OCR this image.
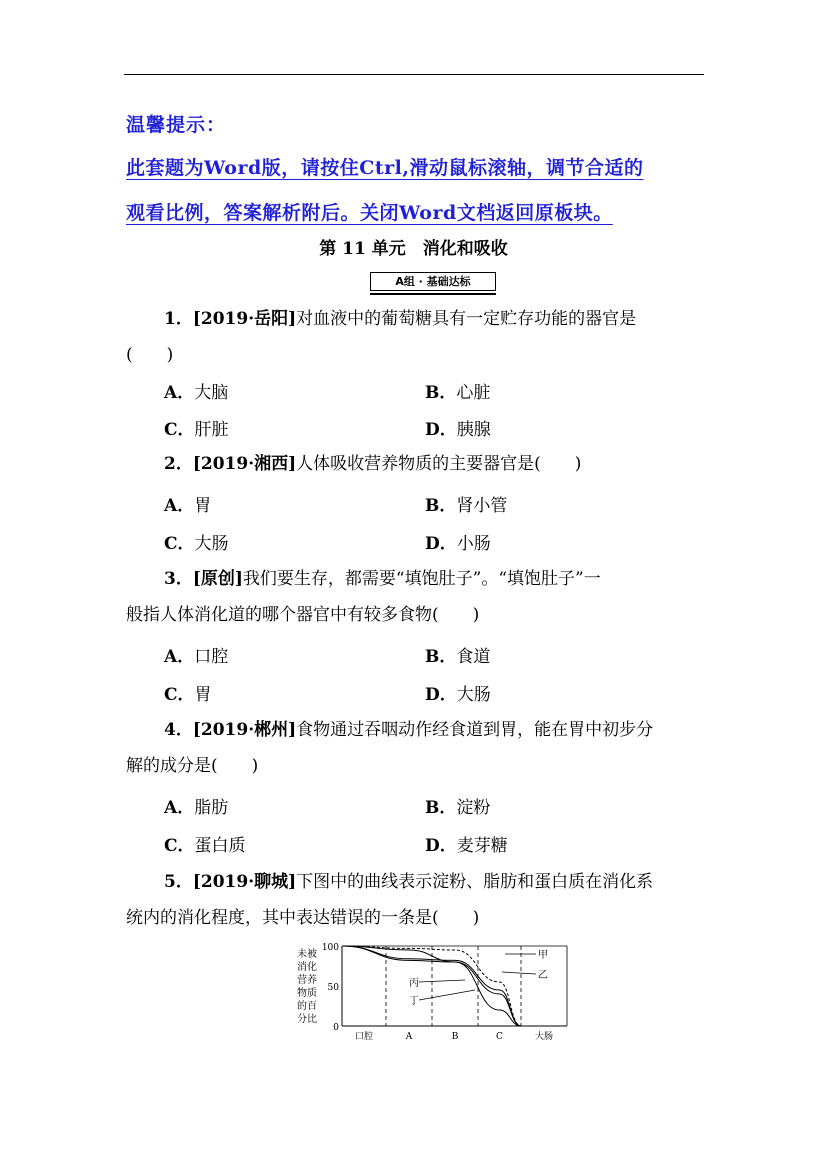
温馨提示：
此套题为Word版，请按住Ctrl,滑动鼠标滚轴，调节合适的
观看比例，答案解析附后。关闭Word文档返回原板块。
第 11 单元　消化和吸收
A组 · 基础达标
1．[2019·岳阳]对血液中的葡萄糖具有一定贮存功能的器官是
(　　)
A．大脑	B．心脏
C．肝脏	D．胰腺
2．[2019·湘西]人体吸收营养物质的主要器官是(　　)
A．胃	B．肾小管
C．大肠	D．小肠
3．[原创]我们要生存，都需要“填饱肚子”。“填饱肚子”一
般指人体消化道的哪个器官中有较多食物(　　)
A．口腔	B．食道
C．胃	D．大肠
4．[2019·郴州]食物通过吞咽动作经食道到胃，能在胃中初步分
解的成分是(　　)
A．脂肪	B．淀粉
C．蛋白质	D．麦芽糖
5．[2019·聊城]下图中的曲线表示淀粉、脂肪和蛋白质在消化系
统内的消化程度，其中表达错误的一条是(　　)
未被
消化
营养
物质
的百
分比
100
50
0
甲
乙
丙
丁
口腔	A	B	C	大肠
